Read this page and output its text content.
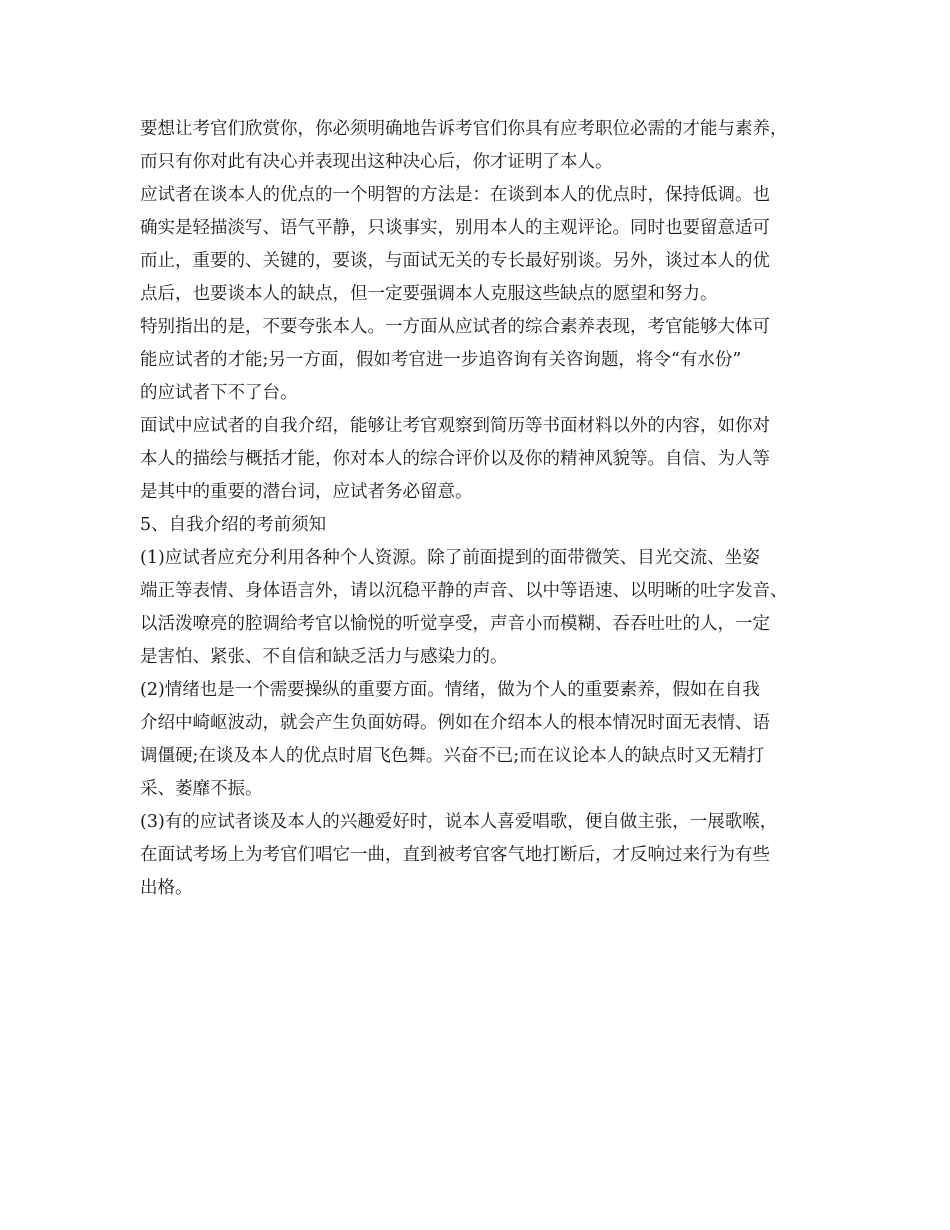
要想让考官们欣赏你，你必须明确地告诉考官们你具有应考职位必需的才能与素养，
而只有你对此有决心并表现出这种决心后，你才证明了本人。
应试者在谈本人的优点的一个明智的方法是：在谈到本人的优点时，保持低调。也
确实是轻描淡写、语气平静，只谈事实，别用本人的主观评论。同时也要留意适可
而止，重要的、关键的，要谈，与面试无关的专长最好别谈。另外，谈过本人的优
点后，也要谈本人的缺点，但一定要强调本人克服这些缺点的愿望和努力。
特别指出的是，不要夸张本人。一方面从应试者的综合素养表现，考官能够大体可
能应试者的才能;另一方面，假如考官进一步追咨询有关咨询题，将令“有水份”
的应试者下不了台。
面试中应试者的自我介绍，能够让考官观察到简历等书面材料以外的内容，如你对
本人的描绘与概括才能，你对本人的综合评价以及你的精神风貌等。自信、为人等
是其中的重要的潜台词，应试者务必留意。
5、自我介绍的考前须知
(1)应试者应充分利用各种个人资源。除了前面提到的面带微笑、目光交流、坐姿
端正等表情、身体语言外，请以沉稳平静的声音、以中等语速、以明晰的吐字发音、
以活泼嘹亮的腔调给考官以愉悦的听觉享受，声音小而模糊、吞吞吐吐的人，一定
是害怕、紧张、不自信和缺乏活力与感染力的。
(2)情绪也是一个需要操纵的重要方面。情绪，做为个人的重要素养，假如在自我
介绍中崎岖波动，就会产生负面妨碍。例如在介绍本人的根本情况时面无表情、语
调僵硬;在谈及本人的优点时眉飞色舞。兴奋不已;而在议论本人的缺点时又无精打
采、萎靡不振。
(3)有的应试者谈及本人的兴趣爱好时，说本人喜爱唱歌，便自做主张，一展歌喉，
在面试考场上为考官们唱它一曲，直到被考官客气地打断后，才反响过来行为有些
出格。
